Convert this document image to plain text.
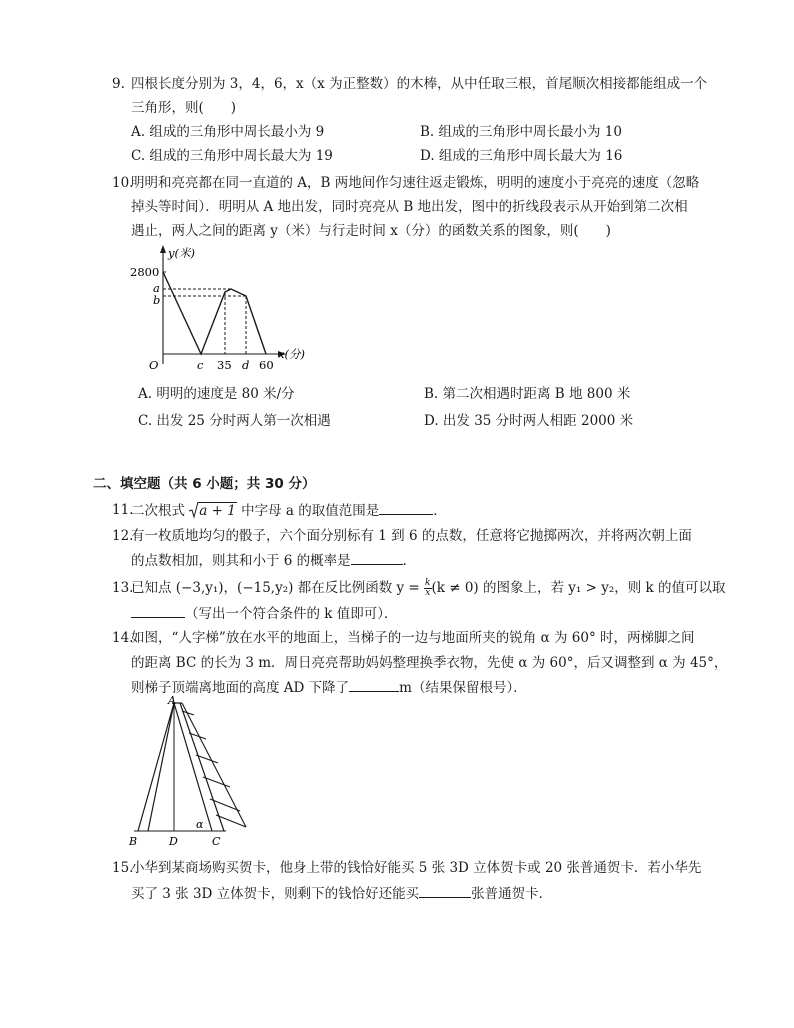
9. 四根长度分别为 3，4，6，x（x 为正整数）的木棒，从中任取三根，首尾顺次相接都能组成一个
三角形，则(　　)
A. 组成的三角形中周长最小为 9	B. 组成的三角形中周长最小为 10
C. 组成的三角形中周长最大为 19	D. 组成的三角形中周长最大为 16
10.
明明和亮亮都在同一直道的 A，B 两地间作匀速往返走锻炼，明明的速度小于亮亮的速度（忽略
掉头等时间）．明明从 A 地出发，同时亮亮从 B 地出发，图中的折线段表示从开始到第二次相
遇止，两人之间的距离 y（米）与行走时间 x（分）的函数关系的图象，则(　　)
y(米)
2800
a
b
O	c 35 d 60
x(分)
A. 明明的速度是 80 米/分	B. 第二次相遇时距离 B 地 800 米
C. 出发 25 分时两人第一次相遇	D. 出发 35 分时两人相距 2000 米
二、填空题（共 6 小题；共 30 分）
11.
二次根式 a + 1 中字母 a 的取值范围是	．
12.
有一枚质地均匀的骰子，六个面分别标有 1 到 6 的点数，任意将它抛掷两次，并将两次朝上面
的点数相加，则其和小于 6 的概率是	．
13.
已知点 (−3,y₁)，(−15,y₂) 都在反比例函数 $y = \frac{k}{x} (k \ne 0)$ 的图象上，若 y₁ > y₂，则 k 的值可以取
（写出一个符合条件的 k 值即可）．
14.
如图，“人字梯”放在水平的地面上，当梯子的一边与地面所夹的锐角 α 为 60° 时，两梯脚之间
的距离 BC 的长为 3 m．周日亮亮帮助妈妈整理换季衣物，先使 α 为 60°，后又调整到 α 为 45°，
则梯子顶端离地面的高度 AD 下降了	m（结果保留根号）．
A
B	D	C
α
15.
小华到某商场购买贺卡，他身上带的钱恰好能买 5 张 3D 立体贺卡或 20 张普通贺卡．若小华先
买了 3 张 3D 立体贺卡，则剩下的钱恰好还能买	张普通贺卡．
